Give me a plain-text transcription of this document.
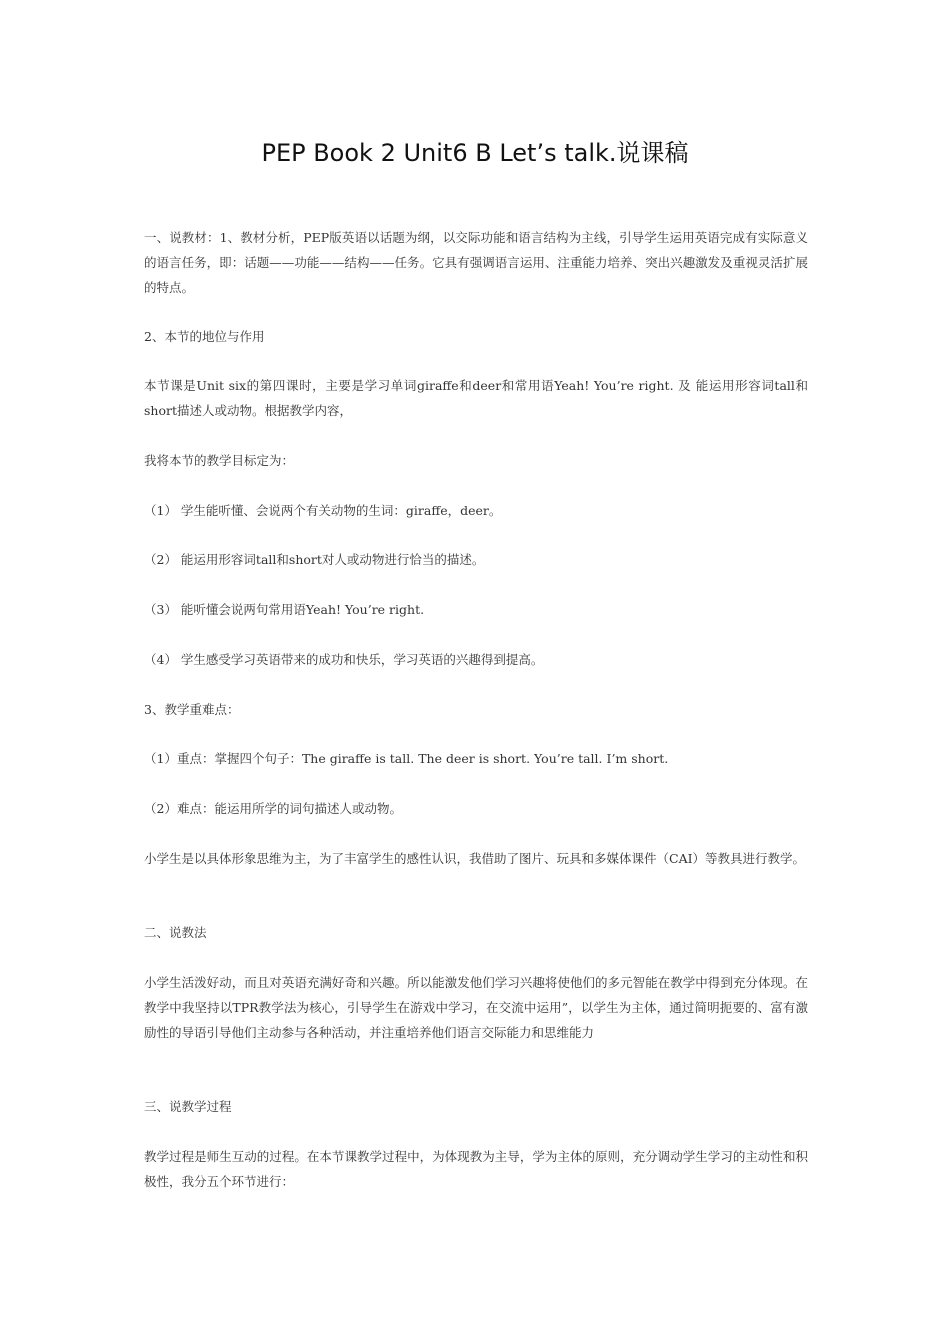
PEP Book 2 Unit6 B Let’s talk.说课稿

一、说教材：1、教材分析，PEP版英语以话题为纲，以交际功能和语言结构为主线，引导学生运用英语完成有实际意义的语言任务，即：话题——功能——结构——任务。它具有强调语言运用、注重能力培养、突出兴趣激发及重视灵活扩展的特点。

2、本节的地位与作用

本节课是Unit six的第四课时，主要是学习单词giraffe和deer和常用语Yeah! You’re right. 及 能运用形容词tall和short描述人或动物。根据教学内容，

我将本节的教学目标定为：

（1） 学生能听懂、会说两个有关动物的生词：giraffe，deer。

（2） 能运用形容词tall和short对人或动物进行恰当的描述。

（3） 能听懂会说两句常用语Yeah! You’re right.

（4） 学生感受学习英语带来的成功和快乐，学习英语的兴趣得到提高。

3、教学重难点：

（1）重点：掌握四个句子：The giraffe is tall. The deer is short. You’re tall. I’m short.

（2）难点：能运用所学的词句描述人或动物。

小学生是以具体形象思维为主，为了丰富学生的感性认识，我借助了图片、玩具和多媒体课件（CAI）等教具进行教学。

二、说教法

小学生活泼好动，而且对英语充满好奇和兴趣。所以能激发他们学习兴趣将使他们的多元智能在教学中得到充分体现。在教学中我坚持以TPR教学法为核心，引导学生在游戏中学习，在交流中运用”，以学生为主体，通过简明扼要的、富有激励性的导语引导他们主动参与各种活动，并注重培养他们语言交际能力和思维能力

三、说教学过程

教学过程是师生互动的过程。在本节课教学过程中，为体现教为主导，学为主体的原则，充分调动学生学习的主动性和积极性，我分五个环节进行：
